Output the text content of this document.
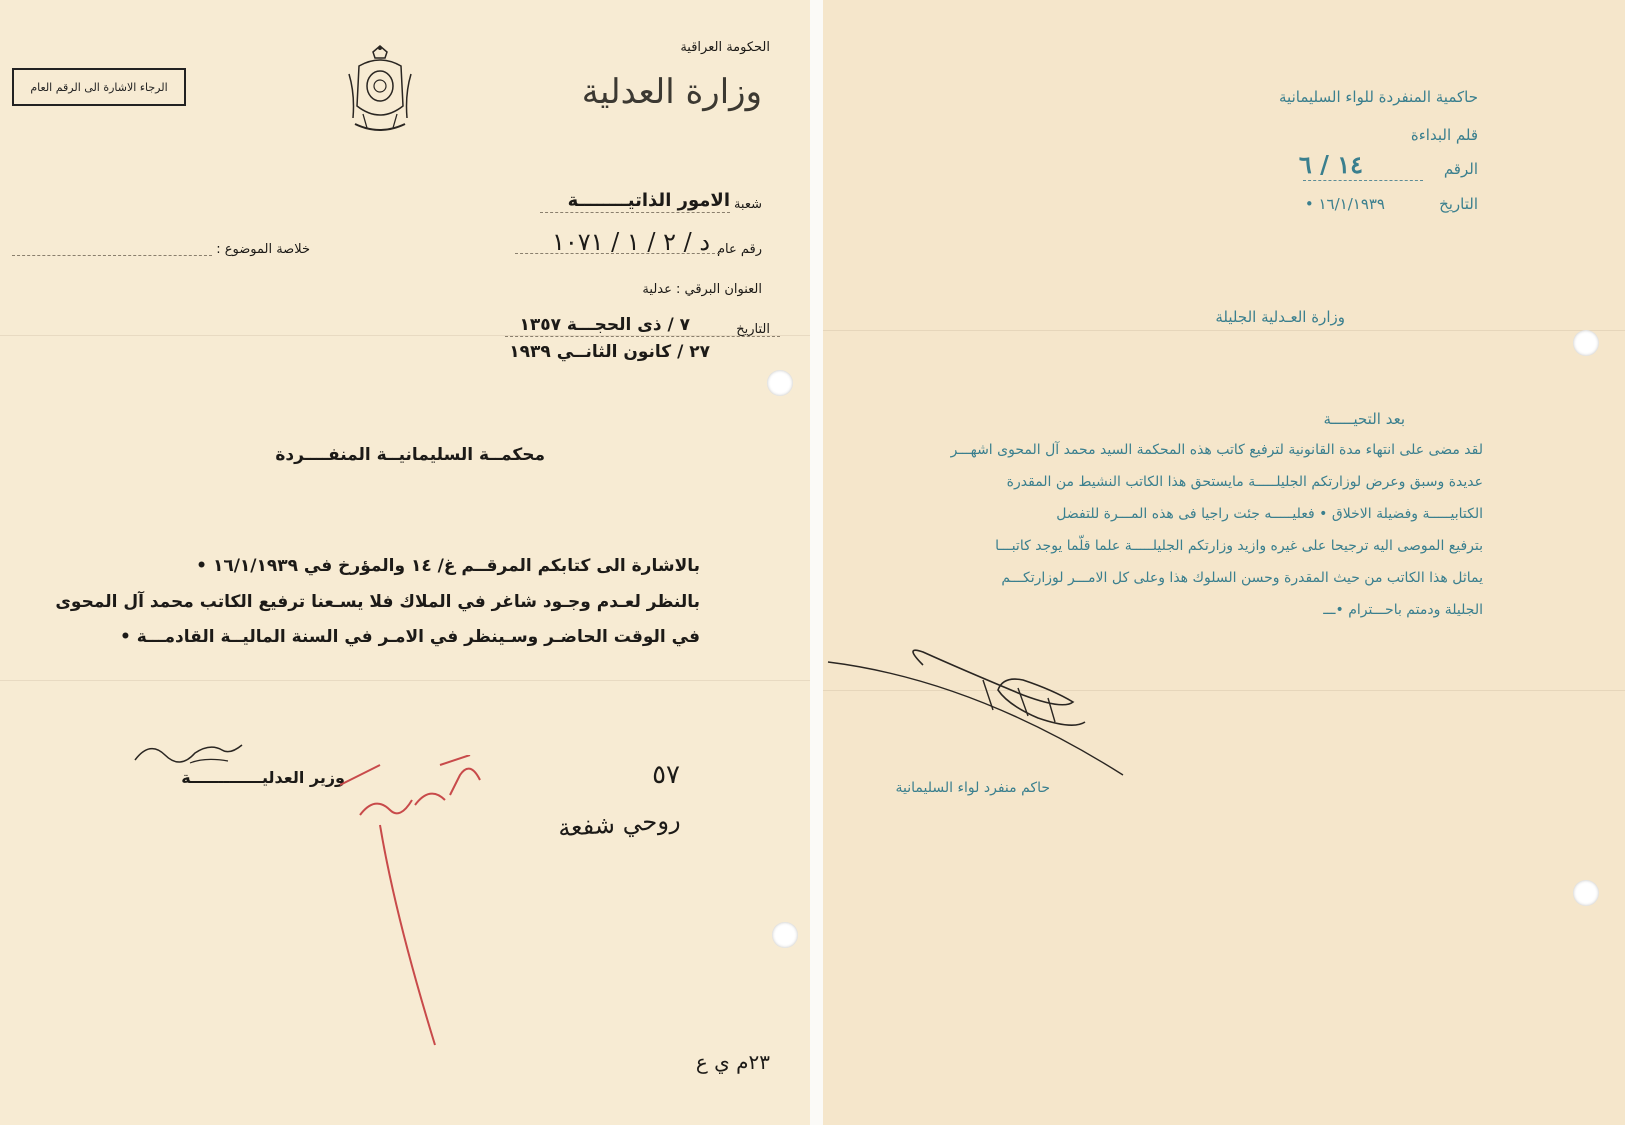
الرجاء الاشارة الى الرقم العام
الحكومة العراقية
وزارة العدلية
شعبة
الامور الذاتيــــــــة
رقم عام
د / ٢ / ١ / ١٠٧١
خلاصة الموضوع :
العنوان البرقي : عدلية
التاريخ
٧ / ذى الحجـــة ١٣٥٧
٢٧ / كانون الثانــي ١٩٣٩
محكمــة السليمانيــة المنفــــردة
بالاشارة الى كتابكم المرقــم غ/ ١٤ والمؤرخ في ١٦/١/١٩٣٩ •
بالنظر لعـدم وجـود شاغر في الملاك فلا يسـعنا ترفيع الكاتب محمد آل المحوى
في الوقت الحاضـر وسـينظر في الامـر في السنة الماليــة القادمـــة •
وزير العدليـــــــــــــة	٥٧
روحي شفعة
٢٣م ي ع
حاكمية المنفردة للواء السليمانية
قلم البداءة
الرقم
١٤ / ٦
التاريخ
١٦/١/١٩٣٩ •
وزارة العـدلية الجليلة
بعد التحيـــــة
لقد مضى على انتهاء مدة القانونية لترفيع كاتب هذه المحكمة السيد محمد آل المحوى اشهـــر
عديدة وسبق وعرض لوزارتكم الجليلـــــة مايستحق هذا الكاتب النشيط من المقدرة
الكتابيـــــة وفضيلة الاخلاق • فعليـــــه جئت راجيا فى هذه المـــرة للتفضل
بترفيع الموصى اليه ترجيحا على غيره وازيد وزارتكم الجليلـــــة علما قلّما يوجد كاتبـــا
يماثل هذا الكاتب من حيث المقدرة وحسن السلوك هذا وعلى كل الامـــر لوزارتكـــم
الجليلة ودمتم باحـــترام •ـــ
حاكم منفرد لواء السليمانية
